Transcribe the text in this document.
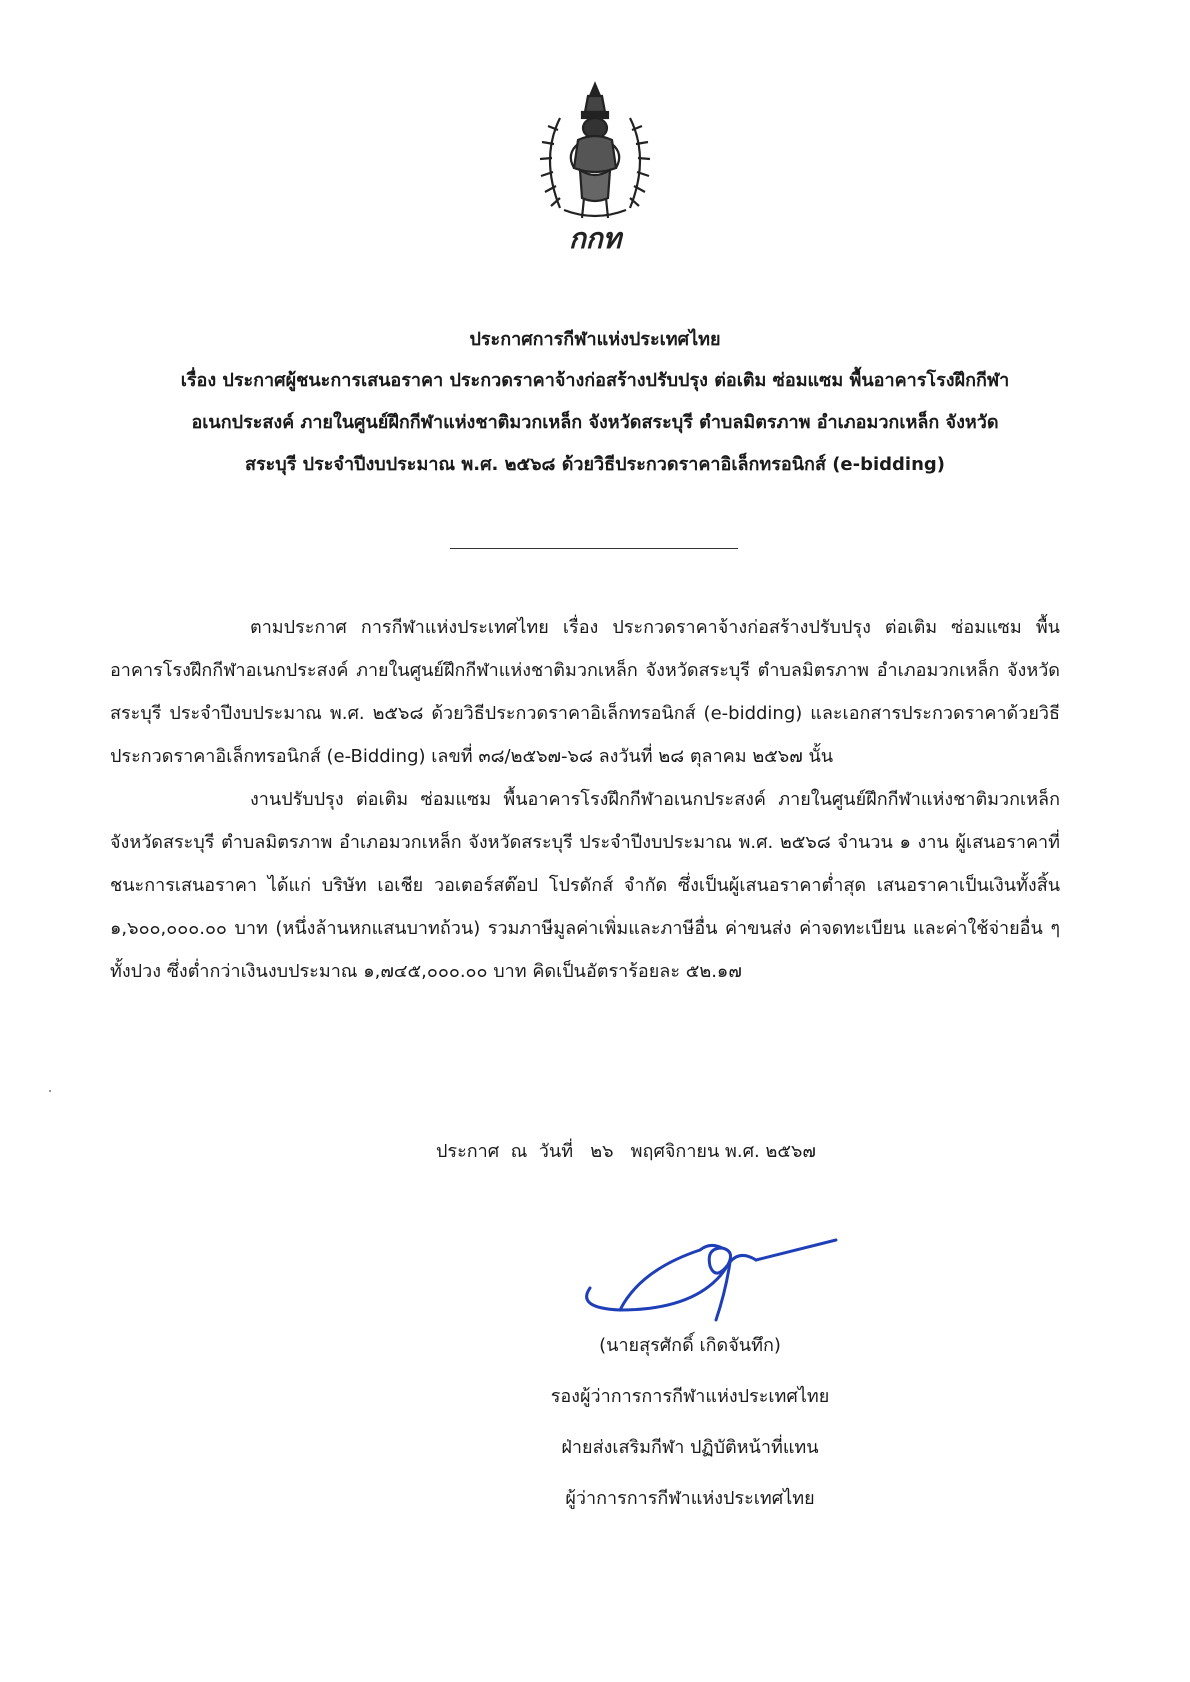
กกท
ประกาศการกีฬาแห่งประเทศไทย
เรื่อง ประกาศผู้ชนะการเสนอราคา ประกวดราคาจ้างก่อสร้างปรับปรุง ต่อเติม ซ่อมแซม พื้นอาคารโรงฝึกกีฬา
อเนกประสงค์ ภายในศูนย์ฝึกกีฬาแห่งชาติมวกเหล็ก จังหวัดสระบุรี ตำบลมิตรภาพ อำเภอมวกเหล็ก จังหวัด
สระบุรี ประจำปีงบประมาณ พ.ศ. ๒๕๖๘ ด้วยวิธีประกวดราคาอิเล็กทรอนิกส์ (e-bidding)

ตามประกาศ การกีฬาแห่งประเทศไทย เรื่อง ประกวดราคาจ้างก่อสร้างปรับปรุง ต่อเติม ซ่อมแซม พื้นอาคารโรงฝึกกีฬาอเนกประสงค์ ภายในศูนย์ฝึกกีฬาแห่งชาติมวกเหล็ก จังหวัดสระบุรี ตำบลมิตรภาพ อำเภอมวกเหล็ก จังหวัดสระบุรี ประจำปีงบประมาณ พ.ศ. ๒๕๖๘ ด้วยวิธีประกวดราคาอิเล็กทรอนิกส์ (e-bidding) และเอกสารประกวดราคาด้วยวิธีประกวดราคาอิเล็กทรอนิกส์ (e-Bidding) เลขที่ ๓๘/๒๕๖๗-๖๘ ลงวันที่ ๒๘ ตุลาคม ๒๕๖๗ นั้น

งานปรับปรุง ต่อเติม ซ่อมแซม พื้นอาคารโรงฝึกกีฬาอเนกประสงค์ ภายในศูนย์ฝึกกีฬาแห่งชาติมวกเหล็ก จังหวัดสระบุรี ตำบลมิตรภาพ อำเภอมวกเหล็ก จังหวัดสระบุรี ประจำปีงบประมาณ พ.ศ. ๒๕๖๘ จำนวน ๑ งาน ผู้เสนอราคาที่ชนะการเสนอราคา ได้แก่ บริษัท เอเชีย วอเตอร์สต๊อป โปรดักส์ จำกัด ซึ่งเป็นผู้เสนอราคาต่ำสุด เสนอราคาเป็นเงินทั้งสิ้น ๑,๖๐๐,๐๐๐.๐๐ บาท (หนึ่งล้านหกแสนบาทถ้วน) รวมภาษีมูลค่าเพิ่มและภาษีอื่น ค่าขนส่ง ค่าจดทะเบียน และค่าใช้จ่ายอื่น ๆ ทั้งปวง ซึ่งต่ำกว่าเงินงบประมาณ ๑,๗๔๕,๐๐๐.๐๐ บาท คิดเป็นอัตราร้อยละ ๕๒.๑๗

ประกาศ  ณ  วันที่   ๒๖   พฤศจิกายน พ.ศ. ๒๕๖๗
(นายสุรศักดิ์ เกิดจันทึก)
รองผู้ว่าการการกีฬาแห่งประเทศไทย
ฝ่ายส่งเสริมกีฬา ปฏิบัติหน้าที่แทน
ผู้ว่าการการกีฬาแห่งประเทศไทย
